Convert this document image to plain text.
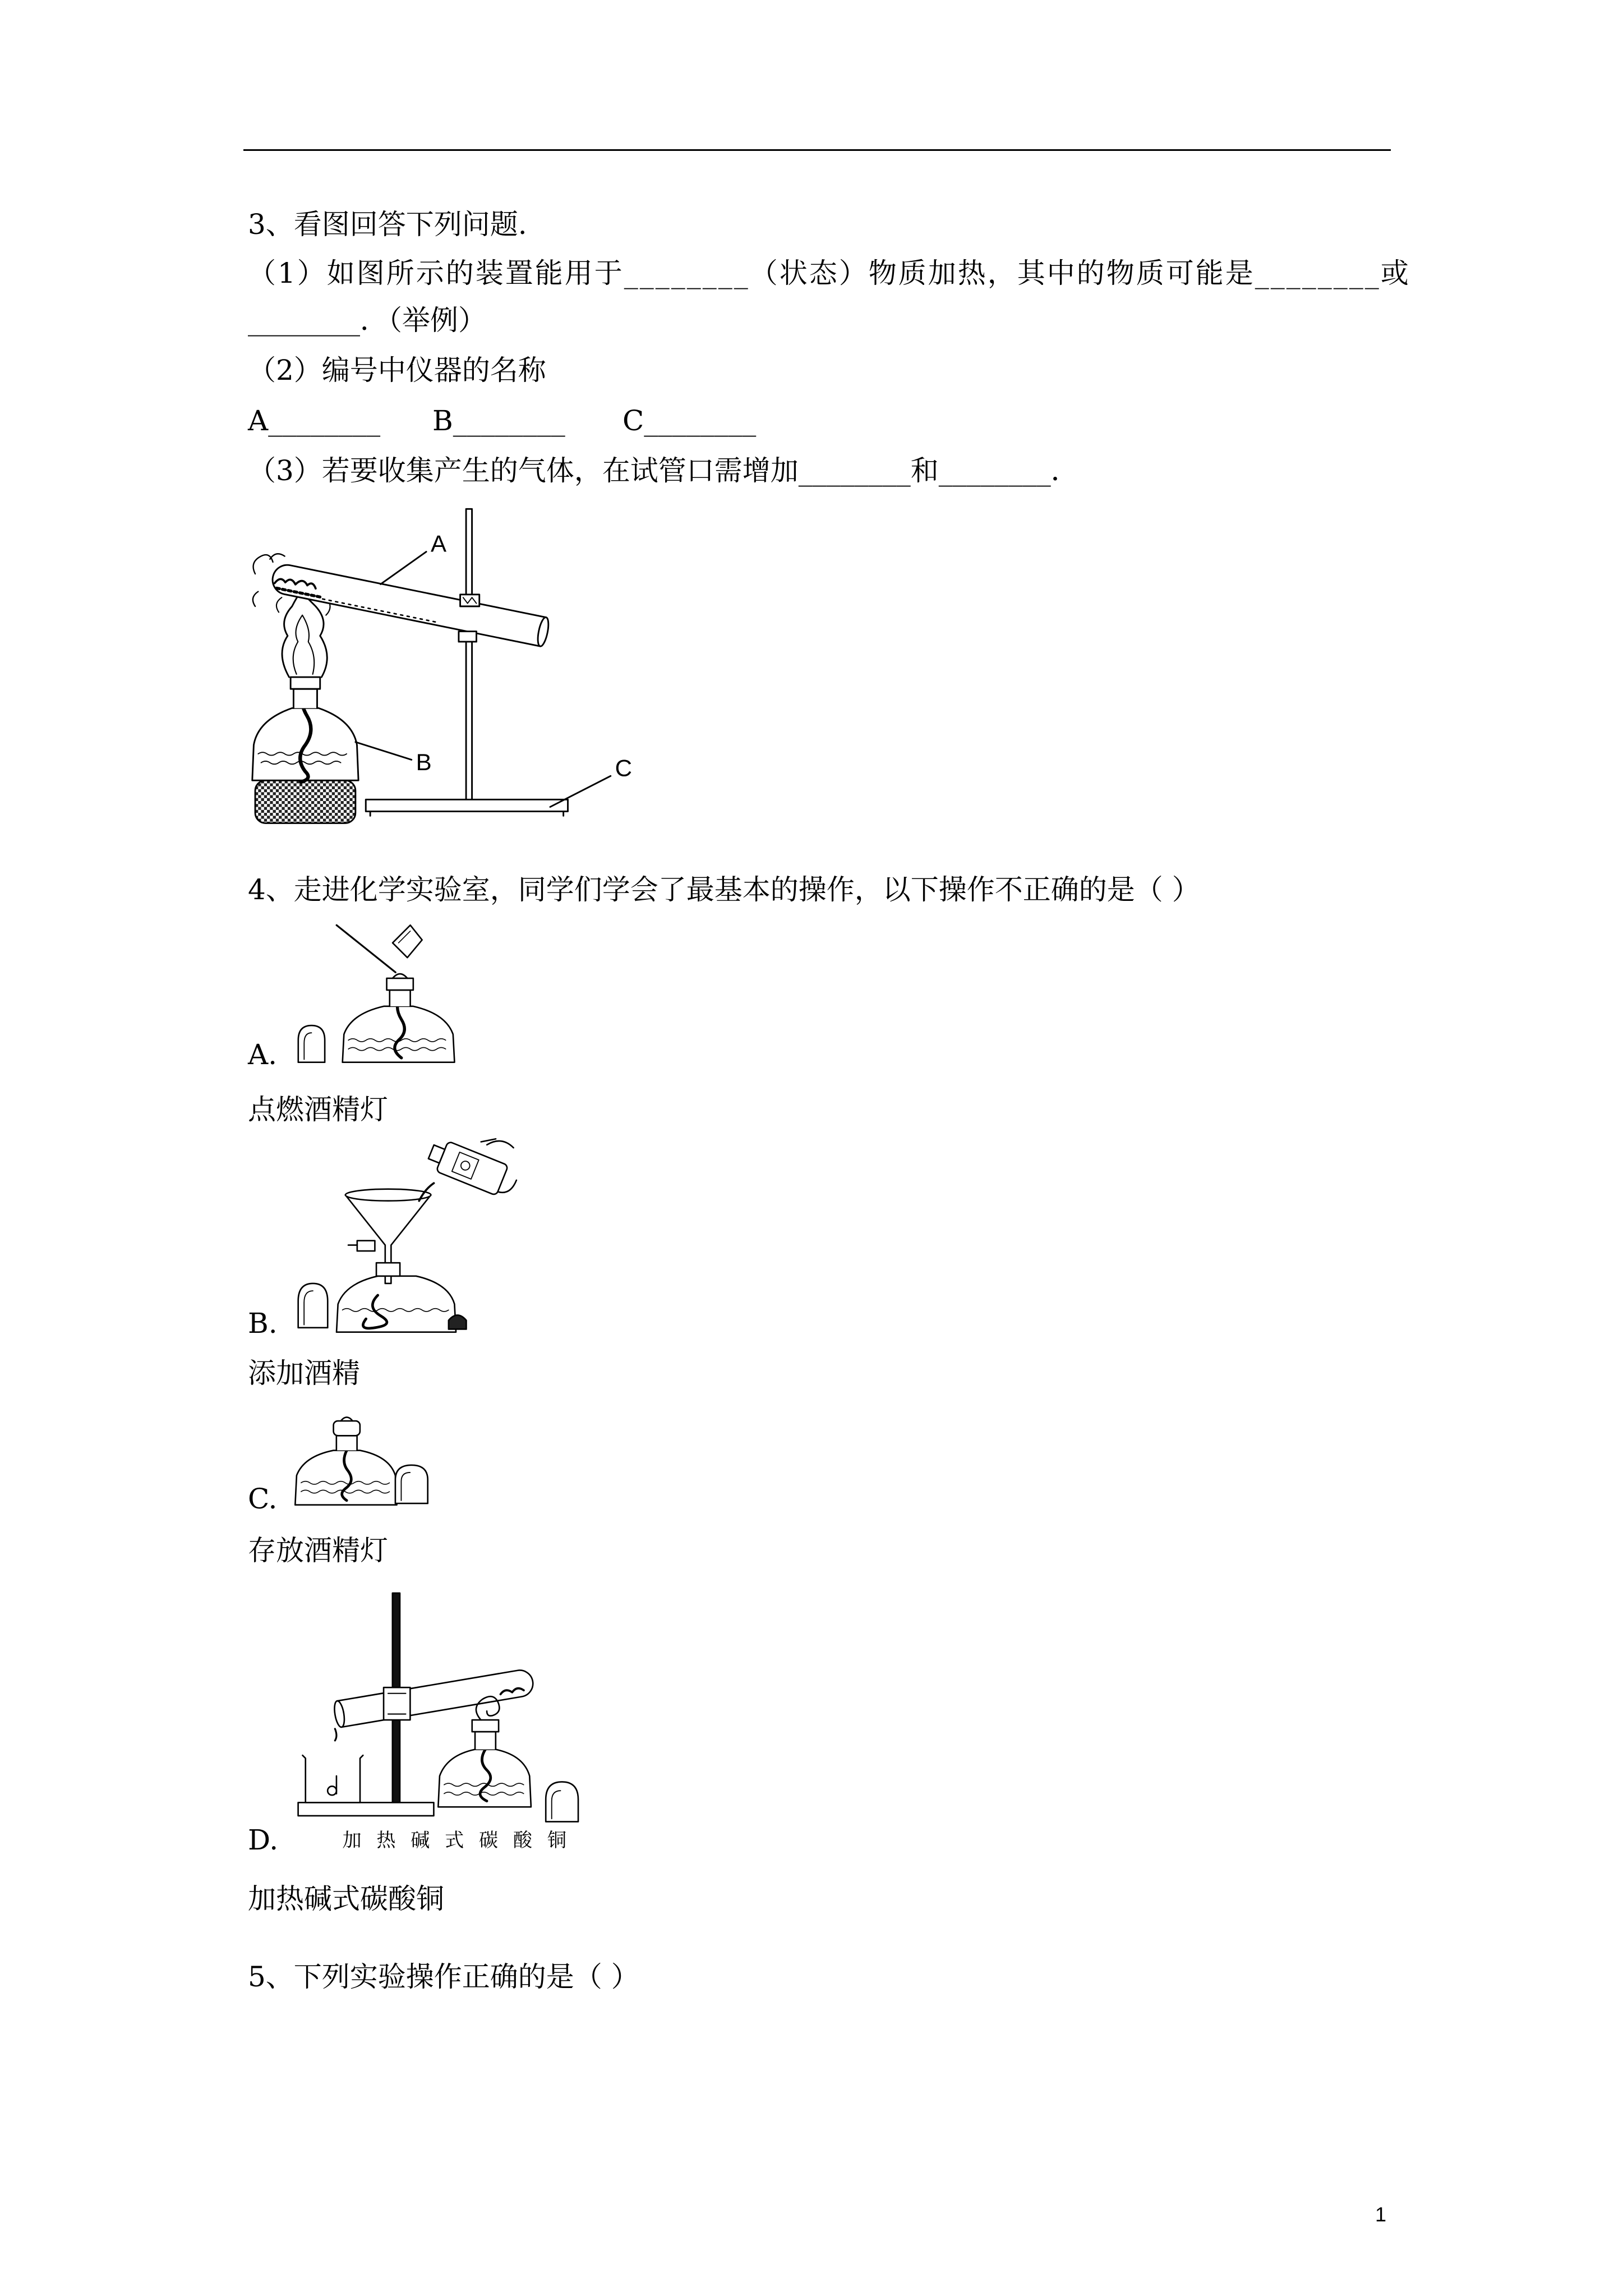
3、看图回答下列问题.
（1）如图所示的装置能用于________（状态）物质加热，其中的物质可能是________或
________．（举例）
（2）编号中仪器的名称
A________ B________ C________
（3）若要收集产生的气体，在试管口需增加________和________．
A
B	C
4、走进化学实验室，同学们学会了最基本的操作，以下操作不正确的是（ ）
A.
点燃酒精灯
B.
添加酒精
C.
存放酒精灯
D.	加热碱式碳酸铜
加热碱式碳酸铜
5、下列实验操作正确的是（ ）
1
